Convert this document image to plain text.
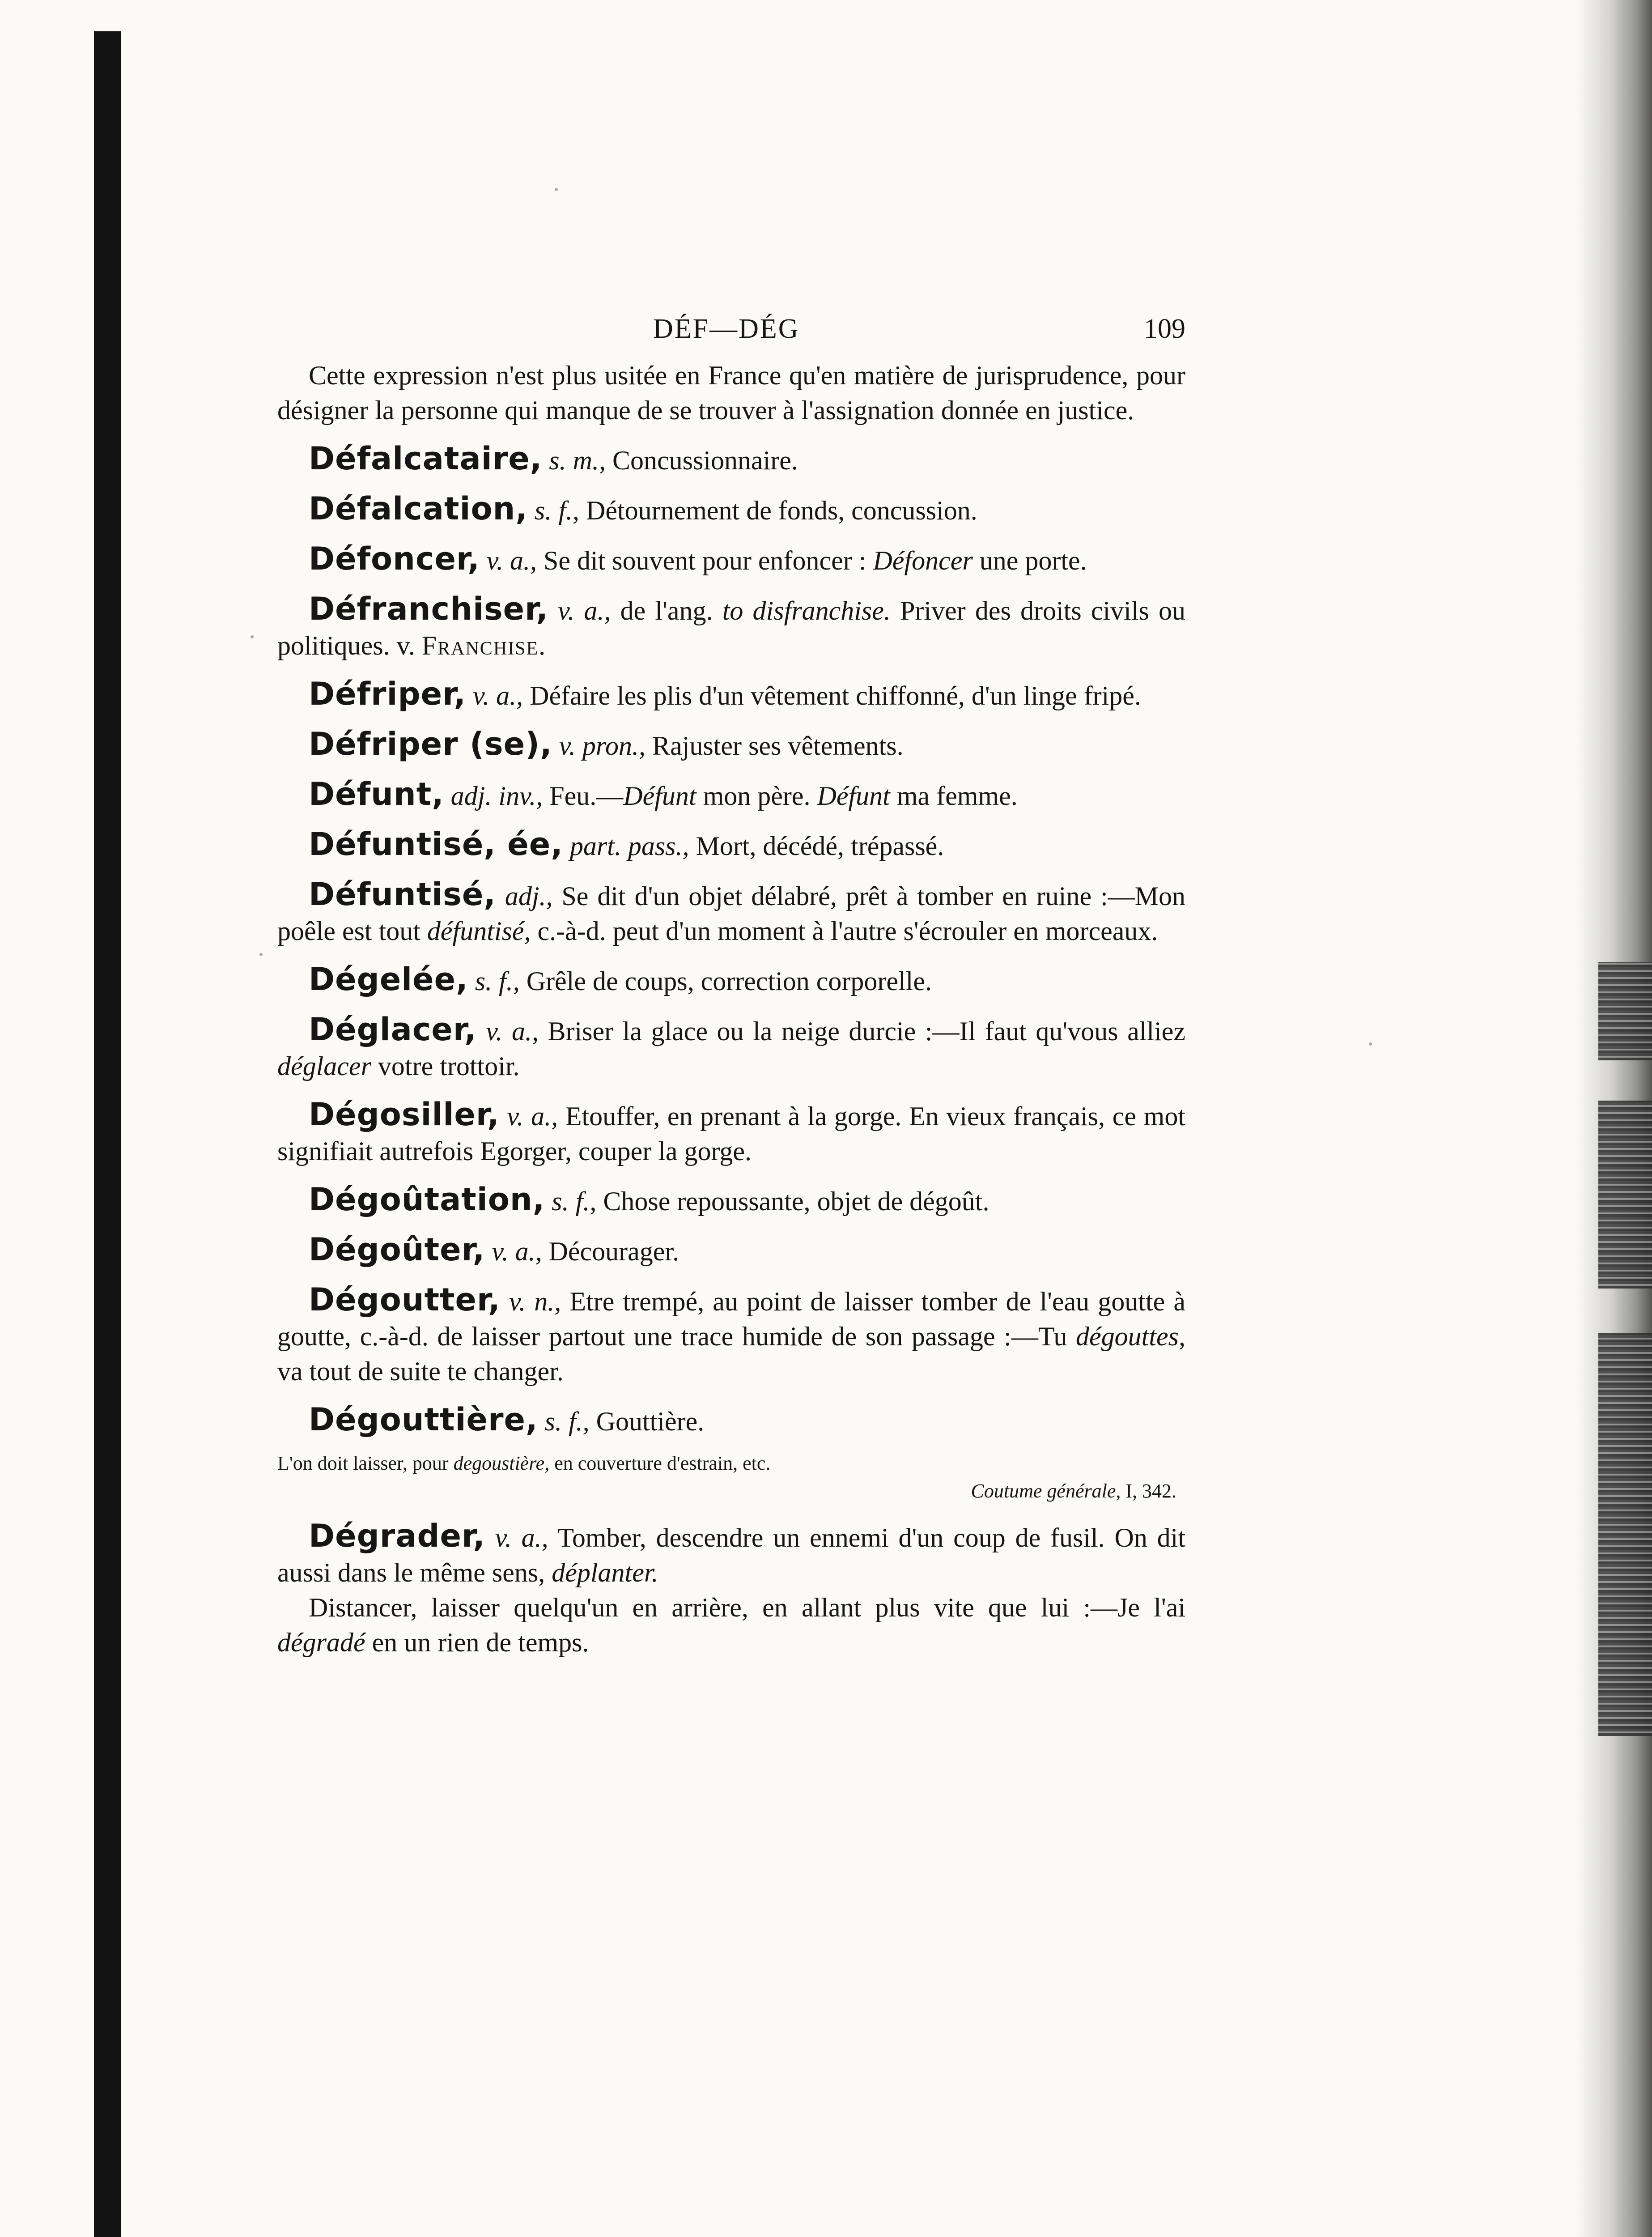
DÉF—DÉG	109

Cette expression n'est plus usitée en France qu'en matière de jurisprudence, pour désigner la personne qui manque de se trouver à l'assignation donnée en justice.

Défalcataire, s. m., Concussionnaire.

Défalcation, s. f., Détournement de fonds, concussion.

Défoncer, v. a., Se dit souvent pour enfoncer : Défoncer une porte.

Défranchiser, v. a., de l'ang. to disfranchise. Priver des droits civils ou politiques. v. Franchise.

Défriper, v. a., Défaire les plis d'un vêtement chiffonné, d'un linge fripé.

Défriper (se), v. pron., Rajuster ses vêtements.

Défunt, adj. inv., Feu.—Défunt mon père. Défunt ma femme.

Défuntisé, ée, part. pass., Mort, décédé, trépassé.

Défuntisé, adj., Se dit d'un objet délabré, prêt à tomber en ruine :—Mon poêle est tout défuntisé, c.-à-d. peut d'un moment à l'autre s'écrouler en morceaux.

Dégelée, s. f., Grêle de coups, correction corporelle.

Déglacer, v. a., Briser la glace ou la neige durcie :—Il faut qu'vous alliez déglacer votre trottoir.

Dégosiller, v. a., Etouffer, en prenant à la gorge. En vieux français, ce mot signifiait autrefois Egorger, couper la gorge.

Dégoûtation, s. f., Chose repoussante, objet de dégoût.

Dégoûter, v. a., Décourager.

Dégoutter, v. n., Etre trempé, au point de laisser tomber de l'eau goutte à goutte, c.-à-d. de laisser partout une trace humide de son passage :—Tu dégouttes, va tout de suite te changer.

Dégouttière, s. f., Gouttière.

L'on doit laisser, pour degoustière, en couverture d'estrain, etc.

Coutume générale, I, 342.

Dégrader, v. a., Tomber, descendre un ennemi d'un coup de fusil. On dit aussi dans le même sens, déplanter.

Distancer, laisser quelqu'un en arrière, en allant plus vite que lui :—Je l'ai dégradé en un rien de temps.
